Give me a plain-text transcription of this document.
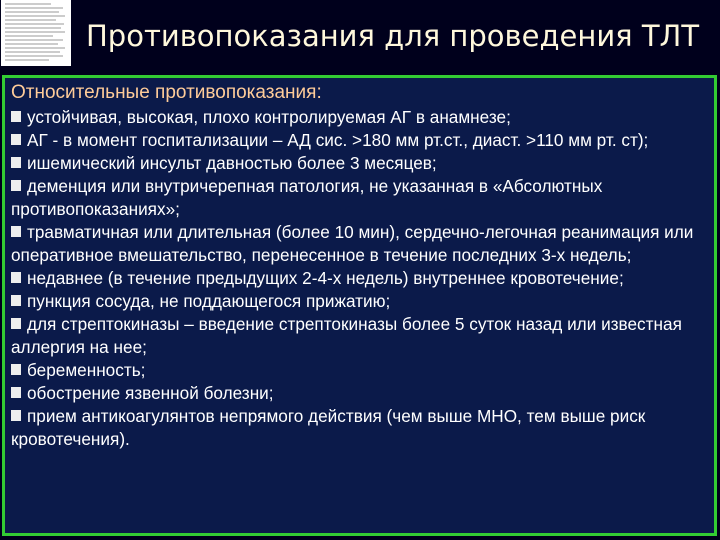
Противопоказания для проведения ТЛТ
Относительные противопоказания:
устойчивая, высокая, плохо контролируемая АГ в анамнезе;
АГ - в момент госпитализации – АД сис. >180 мм рт.ст., диаст. >110 мм рт. ст);
ишемический инсульт давностью более 3 месяцев;
деменция или внутричерепная патология, не указанная в «Абсолютных противопоказаниях»;
травматичная или длительная (более 10 мин), сердечно-легочная реанимация или оперативное вмешательство, перенесенное в течение последних 3-х недель;
недавнее (в течение предыдущих 2-4-х недель) внутреннее кровотечение;
пункция сосуда, не поддающегося прижатию;
для стрептокиназы – введение стрептокиназы более 5 суток назад или известная аллергия на нее;
беременность;
обострение язвенной болезни;
прием антикоагулянтов непрямого действия (чем выше МНО, тем выше риск кровотечения).
